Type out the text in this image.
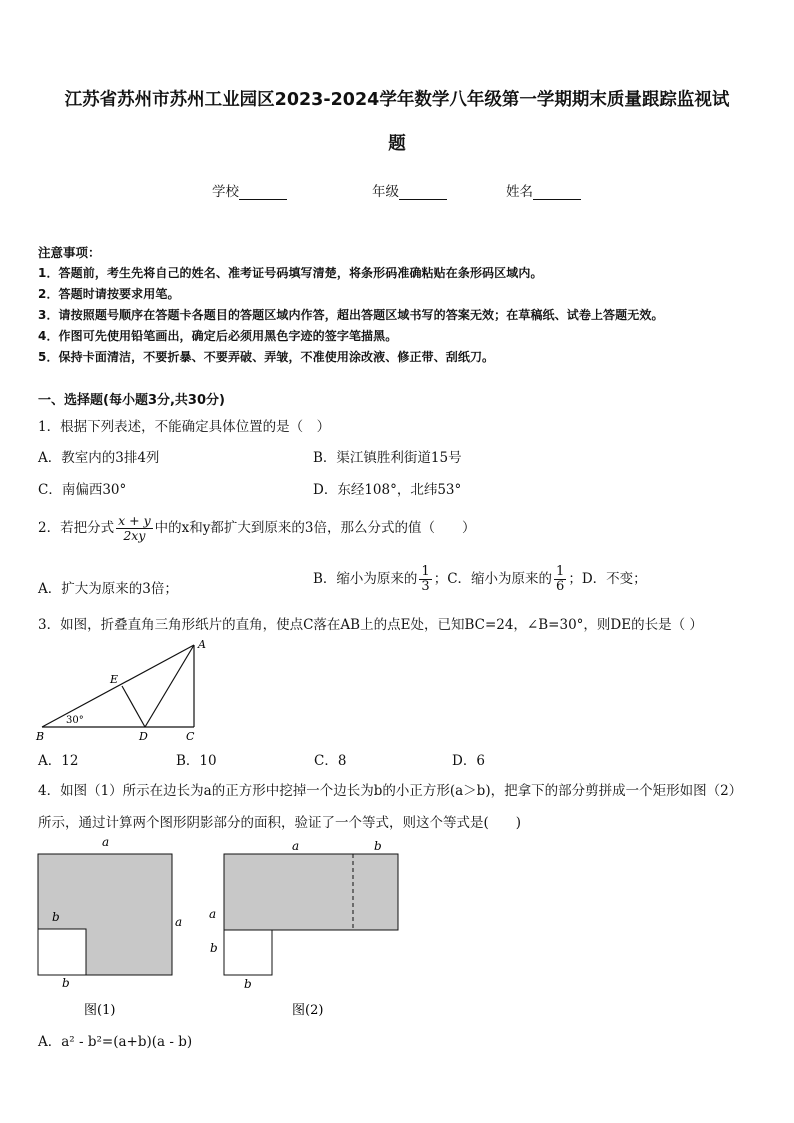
江苏省苏州市苏州工业园区2023-2024学年数学八年级第一学期期末质量跟踪监视试
题
学校	年级	姓名
注意事项：
1．答题前，考生先将自己的姓名、准考证号码填写清楚，将条形码准确粘贴在条形码区域内。
2．答题时请按要求用笔。
3．请按照题号顺序在答题卡各题目的答题区域内作答，超出答题区域书写的答案无效；在草稿纸、试卷上答题无效。
4．作图可先使用铅笔画出，确定后必须用黑色字迹的签字笔描黑。
5．保持卡面清洁，不要折暴、不要弄破、弄皱，不准使用涂改液、修正带、刮纸刀。
一、选择题(每小题3分,共30分)
1．根据下列表述，不能确定具体位置的是（　）
A．教室内的3排4列	B．渠江镇胜利街道15号
C．南偏西30°	D．东经108°，北纬53°
2．若把分式 $\frac{x + y}{2xy}$ 中的x和y都扩大到原来的3倍，那么分式的值（　　）
A．扩大为原来的3倍；
B．缩小为原来的 $\frac{1}{3}$ ；C．缩小为原来的 $\frac{1}{6}$ ；D．不变；
3．如图，折叠直角三角形纸片的直角，使点C落在AB上的点E处，已知BC=24，∠B=30°，则DE的长是（ ）
A
B	C
D
E
30°
A．12	B．10	C．8	D．6
4．如图（1）所示在边长为a的正方形中挖掉一个边长为b的小正方形(a＞b)，把拿下的部分剪拼成一个矩形如图（2）
所示，通过计算两个图形阴影部分的面积，验证了一个等式，则这个等式是(　　)
a
a
b
b
图(1)
a	b
a
b
b
图(2)
A．a² - b²=(a+b)(a - b)
